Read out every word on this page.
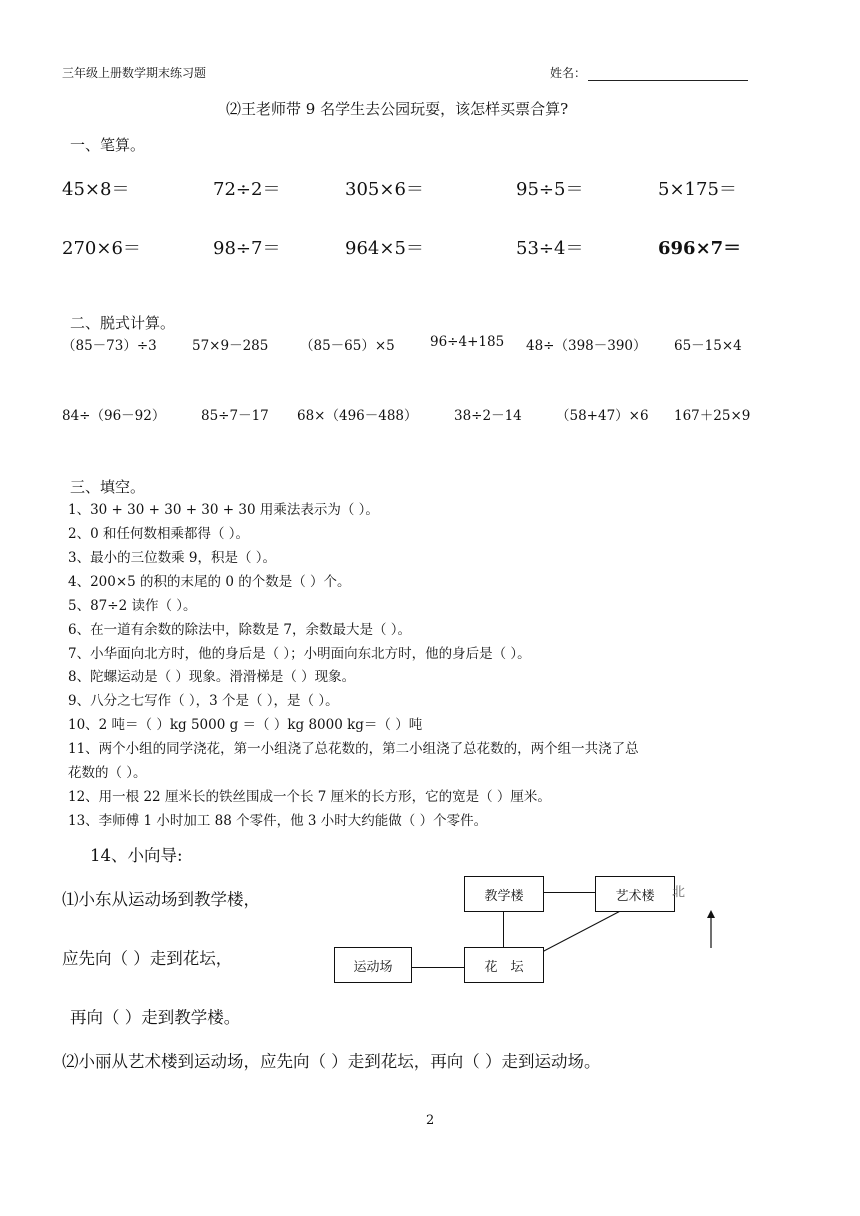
三年级上册数学期末练习题	姓名：
⑵王老师带 9 名学生去公园玩耍，该怎样买票合算?
一、笔算。
45×8＝	72÷2＝	305×6＝	95÷5＝	5×175＝
270×6＝	98÷7＝	964×5＝	53÷4＝	696×7＝
二、脱式计算。
（85－73）÷3	57×9－285 （85－65）×5	96÷4+185 48÷（398－390） 65－15×4
84÷（96－92）	85÷7－17 68×（496－488）	38÷2－14	（58+47）×6 167＋25×9
三、填空。
1、30 + 30 + 30 + 30 + 30 用乘法表示为（ ）。
2、0 和任何数相乘都得（ ）。
3、最小的三位数乘 9，积是（ ）。
4、200×5 的积的末尾的 0 的个数是（ ）个。
5、87÷2 读作（ ）。
6、在一道有余数的除法中，除数是 7，余数最大是（ ）。
7、小华面向北方时，他的身后是（ ）；小明面向东北方时，他的身后是（ ）。
8、陀螺运动是（ ）现象。滑滑梯是（ ）现象。
9、八分之七写作（ ），3 个是（ ），是（ ）。
10、2 吨＝（ ）kg 5000 g ＝（ ）kg 8000 kg＝（ ）吨
11、两个小组的同学浇花，第一小组浇了总花数的，第二小组浇了总花数的，两个组一共浇了总
花数的（ ）。
12、用一根 22 厘米长的铁丝围成一个长 7 厘米的长方形，它的宽是（ ）厘米。
13、李师傅 1 小时加工 88 个零件，他 3 小时大约能做（ ）个零件。
14、小向导:
⑴小东从运动场到教学楼，
应先向（ ）走到花坛，
再向（ ）走到教学楼。
⑵小丽从艺术楼到运动场，应先向（ ）走到花坛，再向（ ）走到运动场。
教学楼	艺术楼
运动场	花　坛
北
2
